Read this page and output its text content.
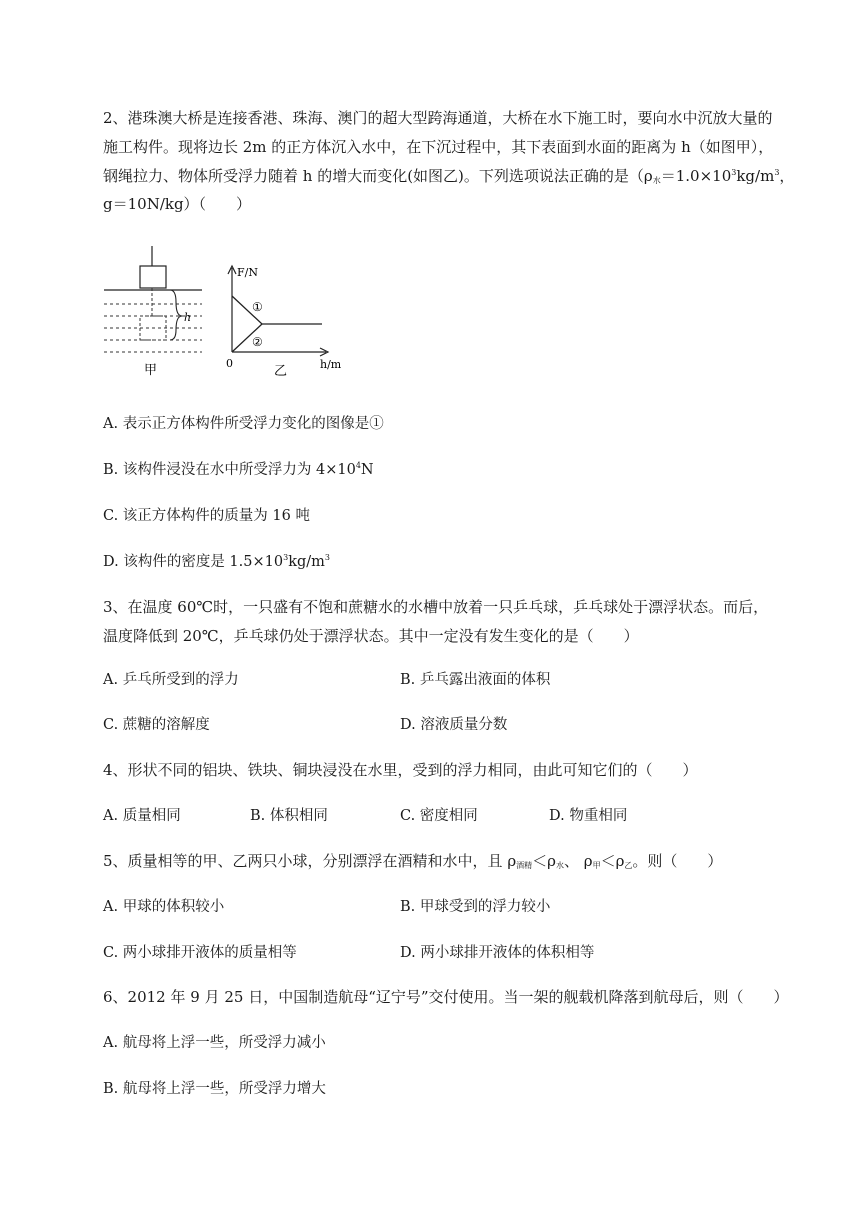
2、港珠澳大桥是连接香港、珠海、澳门的超大型跨海通道，大桥在水下施工时，要向水中沉放大量的
施工构件。现将边长 2m 的正方体沉入水中，在下沉过程中，其下表面到水面的距离为 h（如图甲），
钢绳拉力、物体所受浮力随着 h 的增大而变化(如图乙)。下列选项说法正确的是（$\rho_水=1.0\times 10^3kg/m^3$，
g＝10N/kg）（　　）
h
甲
F/N
h/m
0
①
②
乙
A. 表示正方体构件所受浮力变化的图像是①
B. 该构件浸没在水中所受浮力为 $4\times 10^4N$
C. 该正方体构件的质量为 16 吨
D. 该构件的密度是 $1.5\times 10^3kg/m^3$
3、在温度 60℃时，一只盛有不饱和蔗糖水的水槽中放着一只乒乓球，乒乓球处于漂浮状态。而后，
温度降低到 20℃，乒乓球仍处于漂浮状态。其中一定没有发生变化的是（　　）
A. 乒乓所受到的浮力	B. 乒乓露出液面的体积
C. 蔗糖的溶解度	D. 溶液质量分数
4、形状不同的铝块、铁块、铜块浸没在水里，受到的浮力相同，由此可知它们的（　　）
A. 质量相同	B. 体积相同	C. 密度相同	D. 物重相同
5、质量相等的甲、乙两只小球，分别漂浮在酒精和水中，且 $\rho_{酒精}<\rho_水$、 $\rho_甲<\rho_乙$。则（　　）
A. 甲球的体积较小	B. 甲球受到的浮力较小
C. 两小球排开液体的质量相等	D. 两小球排开液体的体积相等
6、2012 年 9 月 25 日，中国制造航母“辽宁号”交付使用。当一架的舰载机降落到航母后，则（　　）
A. 航母将上浮一些，所受浮力减小
B. 航母将上浮一些，所受浮力增大
